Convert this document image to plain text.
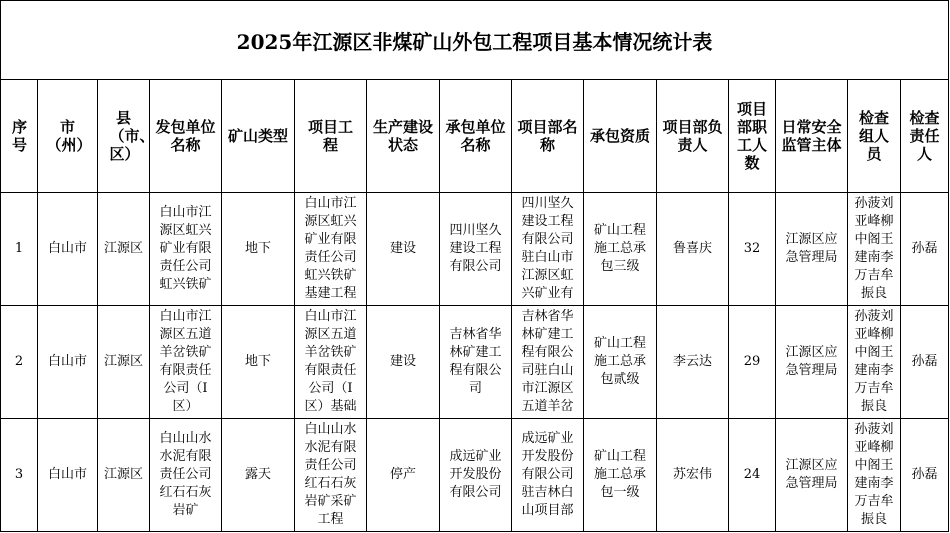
2025年江源区非煤矿山外包工程项目基本情况统计表
序号	市（州）	县（市、区）	发包单位名称	矿山类型	项目工程	生产建设状态	承包单位名称	项目部名称	承包资质	项目部负责人	项目部职工人数	日常安全监管主体	检查组人员	检查责任人

1	白山市	江源区	白山市江源区虹兴矿业有限责任公司虹兴铁矿	地下	白山市江源区虹兴矿业有限责任公司虹兴铁矿基建工程	建设	四川坚久建设工程有限公司	四川坚久建设工程有限公司驻白山市江源区虹兴矿业有	矿山工程施工总承包三级	鲁喜庆	32	江源区应急管理局	孙菠刘亚峰柳中阁王建南李万吉牟振良	孙磊

2	白山市	江源区	白山市江源区五道羊岔铁矿有限责任公司（Ⅰ区）	地下	白山市江源区五道羊岔铁矿有限责任公司（Ⅰ区）基础	建设	吉林省华林矿建工程有限公司	吉林省华林矿建工程有限公司驻白山市江源区五道羊岔	矿山工程施工总承包贰级	李云达	29	江源区应急管理局	孙菠刘亚峰柳中阁王建南李万吉牟振良	孙磊

3	白山市	江源区	白山山水水泥有限责任公司红石石灰岩矿	露天	白山山水水泥有限责任公司红石石灰岩矿采矿工程	停产	成远矿业开发股份有限公司	成远矿业开发股份有限公司驻吉林白山项目部	矿山工程施工总承包一级	苏宏伟	24	江源区应急管理局	孙菠刘亚峰柳中阁王建南李万吉牟振良	孙磊
